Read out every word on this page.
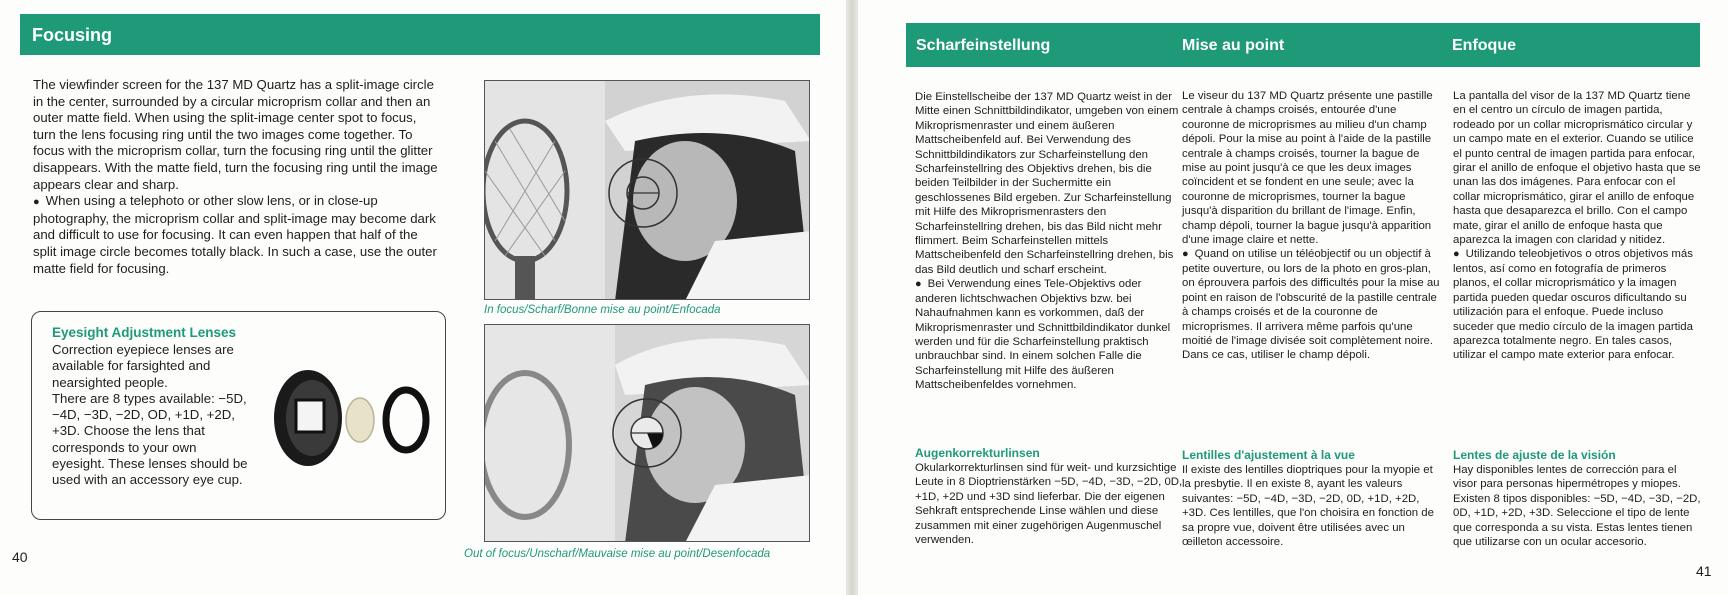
Focusing

The viewfinder screen for the 137 MD Quartz has a split-image circle in the center, surrounded by a circular microprism collar and then an outer matte field. When using the split-image center spot to focus, turn the lens focusing ring until the two images come together. To focus with the microprism collar, turn the focusing ring until the glitter disappears. With the matte field, turn the focusing ring until the image appears clear and sharp.

● When using a telephoto or other slow lens, or in close-up photography, the microprism collar and split-image may become dark and difficult to use for focusing. It can even happen that half of the split image circle becomes totally black. In such a case, use the outer matte field for focusing.

Eyesight Adjustment Lenses

Correction eyepiece lenses are available for farsighted and nearsighted people.

There are 8 types available: −5D, −4D, −3D, −2D, OD, +1D, +2D, +3D. Choose the lens that corresponds to your own eyesight. These lenses should be used with an accessory eye cup.

In focus/Scharf/Bonne mise au point/Enfocada
Out of focus/Unscharf/Mauvaise mise au point/Desenfocada
40
Scharfeinstellung	Mise au point	Enfoque

Die Einstellscheibe der 137 MD Quartz weist in der Mitte einen Schnittbildindikator, umgeben von einem Mikroprismenraster und einem äußeren Mattscheibenfeld auf. Bei Verwendung des Schnittbildindikators zur Scharfeinstellung den Scharfeinstellring des Objektivs drehen, bis die beiden Teilbilder in der Suchermitte ein geschlossenes Bild ergeben. Zur Scharfeinstellung mit Hilfe des Mikroprismenrasters den Scharfeinstellring drehen, bis das Bild nicht mehr flimmert. Beim Scharfeinstellen mittels Mattscheibenfeld den Scharfeinstellring drehen, bis das Bild deutlich und scharf erscheint.

● Bei Verwendung eines Tele-Objektivs oder anderen lichtschwachen Objektivs bzw. bei Nahaufnahmen kann es vorkommen, daß der Mikroprismenraster und Schnittbildindikator dunkel werden und für die Scharfeinstellung praktisch unbrauchbar sind. In einem solchen Falle die Scharfeinstellung mit Hilfe des äußeren Mattscheibenfeldes vornehmen.

Augenkorrekturlinsen

Okularkorrekturlinsen sind für weit- und kurzsichtige Leute in 8 Dioptrienstärken −5D, −4D, −3D, −2D, 0D, +1D, +2D und +3D sind lieferbar. Die der eigenen Sehkraft entsprechende Linse wählen und diese zusammen mit einer zugehörigen Augenmuschel verwenden.

Le viseur du 137 MD Quartz présente une pastille centrale à champs croisés, entourée d'une couronne de microprismes au milieu d'un champ dépoli. Pour la mise au point à l'aide de la pastille centrale à champs croisés, tourner la bague de mise au point jusqu'à ce que les deux images coïncident et se fondent en une seule; avec la couronne de microprismes, tourner la bague jusqu'à disparition du brillant de l'image. Enfin, champ dépoli, tourner la bague jusqu'à apparition d'une image claire et nette.

● Quand on utilise un téléobjectif ou un objectif à petite ouverture, ou lors de la photo en gros-plan, on éprouvera parfois des difficultés pour la mise au point en raison de l'obscurité de la pastille centrale à champs croisés et de la couronne de microprismes. Il arrivera même parfois qu'une moitié de l'image divisée soit complètement noire. Dans ce cas, utiliser le champ dépoli.

Lentilles d'ajustement à la vue

Il existe des lentilles dioptriques pour la myopie et la presbytie. Il en existe 8, ayant les valeurs suivantes: −5D, −4D, −3D, −2D, 0D, +1D, +2D, +3D. Ces lentilles, que l'on choisira en fonction de sa propre vue, doivent être utilisées avec un œilleton accessoire.

La pantalla del visor de la 137 MD Quartz tiene en el centro un círculo de imagen partida, rodeado por un collar microprismático circular y un campo mate en el exterior. Cuando se utilice el punto central de imagen partida para enfocar, girar el anillo de enfoque el objetivo hasta que se unan las dos imágenes. Para enfocar con el collar microprismático, girar el anillo de enfoque hasta que desaparezca el brillo. Con el campo mate, girar el anillo de enfoque hasta que aparezca la imagen con claridad y nitidez.

● Utilizando teleobjetivos o otros objetivos más lentos, así como en fotografía de primeros planos, el collar microprismático y la imagen partida pueden quedar oscuros dificultando su utilización para el enfoque. Puede incluso suceder que medio círculo de la imagen partida aparezca totalmente negro. En tales casos, utilizar el campo mate exterior para enfocar.

Lentes de ajuste de la visión

Hay disponibles lentes de corrección para el visor para personas hipermétropes y miopes. Existen 8 tipos disponibles: −5D, −4D, −3D, −2D, 0D, +1D, +2D, +3D. Seleccione el tipo de lente que corresponda a su vista. Estas lentes tienen que utilizarse con un ocular accesorio.

41
